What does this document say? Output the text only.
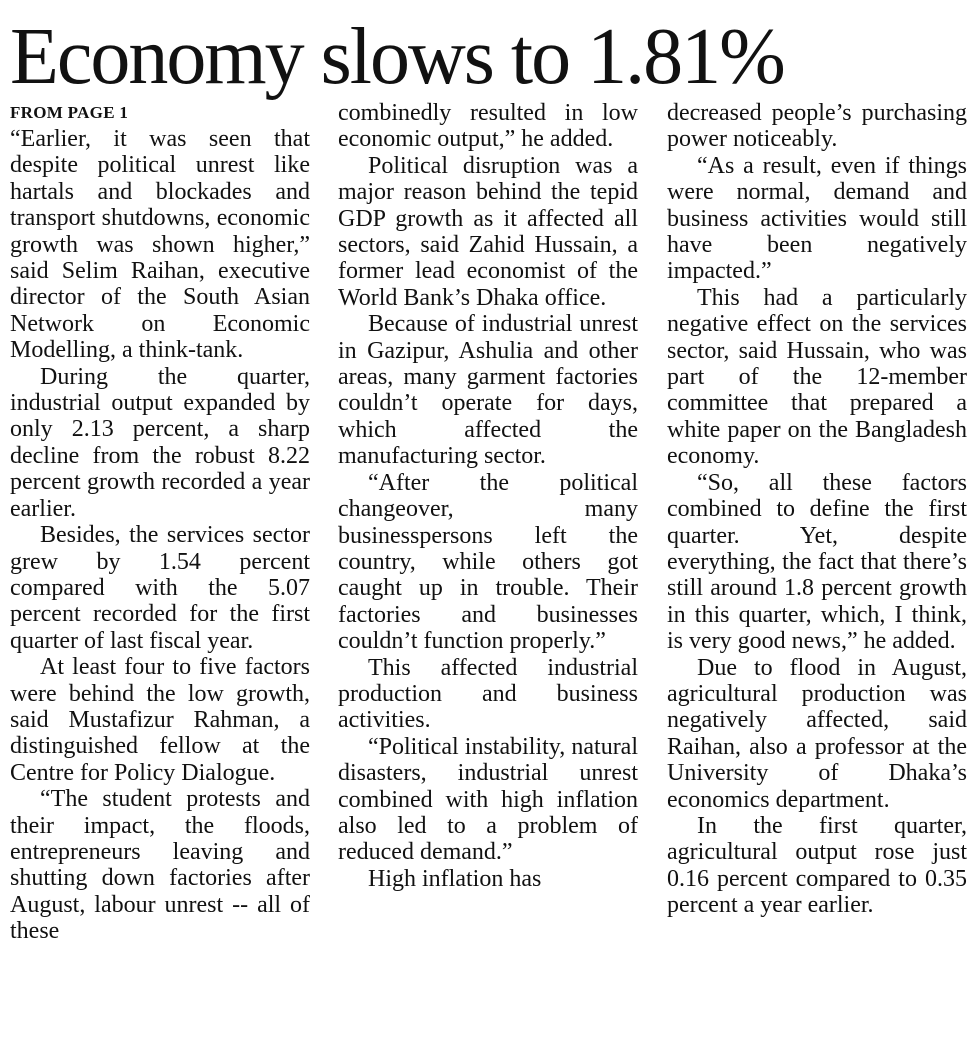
Economy slows to 1.81%
FROM PAGE 1

“Earlier, it was seen that despite political unrest like hartals and blockades and transport shutdowns, economic growth was shown higher,” said Selim Raihan, executive director of the South Asian Network on Economic Modelling, a think-tank.

During the quarter, industrial output expanded by only 2.13 percent, a sharp decline from the robust 8.22 percent growth recorded a year earlier.

Besides, the services sector grew by 1.54 percent compared with the 5.07 percent recorded for the first quarter of last fiscal year.

At least four to five factors were behind the low growth, said Mustafizur Rahman, a distinguished fellow at the Centre for Policy Dialogue.

“The student protests and their impact, the floods, entrepreneurs leaving and shutting down factories after August, labour unrest -- all of these

combinedly resulted in low economic output,” he added.

Political disruption was a major reason behind the tepid GDP growth as it affected all sectors, said Zahid Hussain, a former lead economist of the World Bank’s Dhaka office.

Because of industrial unrest in Gazipur, Ashulia and other areas, many garment factories couldn’t operate for days, which affected the manufacturing sector.

“After the political changeover, many businesspersons left the country, while others got caught up in trouble. Their factories and businesses couldn’t function properly.”

This affected industrial production and business activities.

“Political instability, natural disasters, industrial unrest combined with high inflation also led to a problem of reduced demand.”

High inflation has

decreased people’s purchasing power noticeably.

“As a result, even if things were normal, demand and business activities would still have been negatively impacted.”

This had a particularly negative effect on the services sector, said Hussain, who was part of the 12-member committee that prepared a white paper on the Bangladesh economy.

“So, all these factors combined to define the first quarter. Yet, despite everything, the fact that there’s still around 1.8 percent growth in this quarter, which, I think, is very good news,” he added.

Due to flood in August, agricultural production was negatively affected, said Raihan, also a professor at the University of Dhaka’s economics department.

In the first quarter, agricultural output rose just 0.16 percent compared to 0.35 percent a year earlier.
